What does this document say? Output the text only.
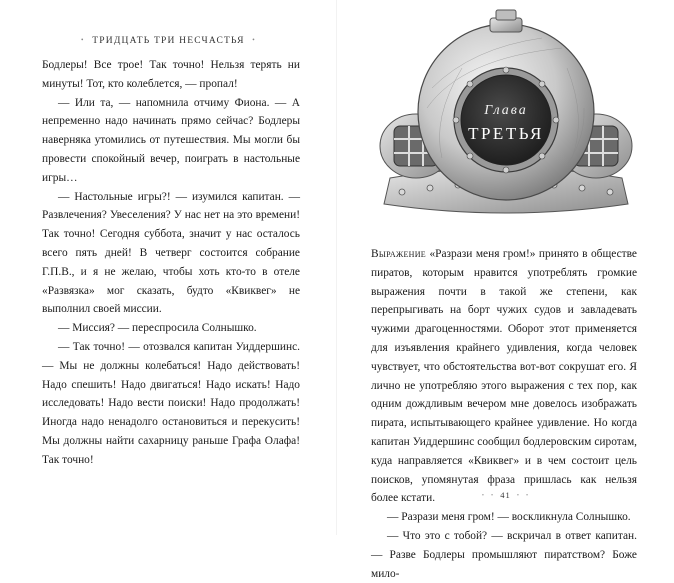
• ТРИДЦАТЬ ТРИ НЕСЧАСТЬЯ •

Бодлеры! Все трое! Так точно! Нельзя терять ни минуты! Тот, кто колеблется, — пропал!

— Или та, — напомнила отчиму Фиона. — А непременно надо начинать прямо сейчас? Бодлеры наверняка утомились от путешествия. Мы могли бы провести спокойный вечер, поиграть в настольные игры…

— Настольные игры?! — изумился капитан. — Развлечения? Увеселения? У нас нет на это времени! Так точно! Сегодня суббота, значит у нас осталось всего пять дней! В четверг состоится собрание Г.П.В., и я не желаю, чтобы хоть кто-то в отеле «Развязка» мог сказать, будто «Квиквег» не выполнил своей миссии.

— Миссия? — переспросила Солнышко.

— Так точно! — отозвался капитан Уиддершинс. — Мы не должны колебаться! Надо действовать! Надо спешить! Надо двигаться! Надо искать! Надо исследовать! Надо вести поиски! Надо продолжать! Иногда надо ненадолго остановиться и перекусить! Мы должны найти сахарницу раньше Графа Олафа! Так точно!

Глава
ТРЕТЬЯ

Выражение «Разрази меня гром!» принято в обществе пиратов, которым нравится употреблять громкие выражения почти в такой же степени, как перепрыгивать на борт чужих судов и завладевать чужими драгоценностями. Оборот этот применяется для изъявления крайнего удивления, когда человек чувствует, что обстоятельства вот-вот сокрушат его. Я лично не употребляю этого выражения с тех пор, как одним дождливым вечером мне довелось изображать пирата, испытывающего крайнее удивление. Но когда капитан Уиддершинс сообщил бодлеровским сиротам, куда направляется «Квиквег» и в чем состоит цель поисков, упомянутая фраза пришлась как нельзя более кстати.

— Разрази меня гром! — воскликнула Солнышко.

— Что это с тобой? — вскричал в ответ капитан. — Разве Бодлеры промышляют пиратством? Боже мило-

• • 41 • •
